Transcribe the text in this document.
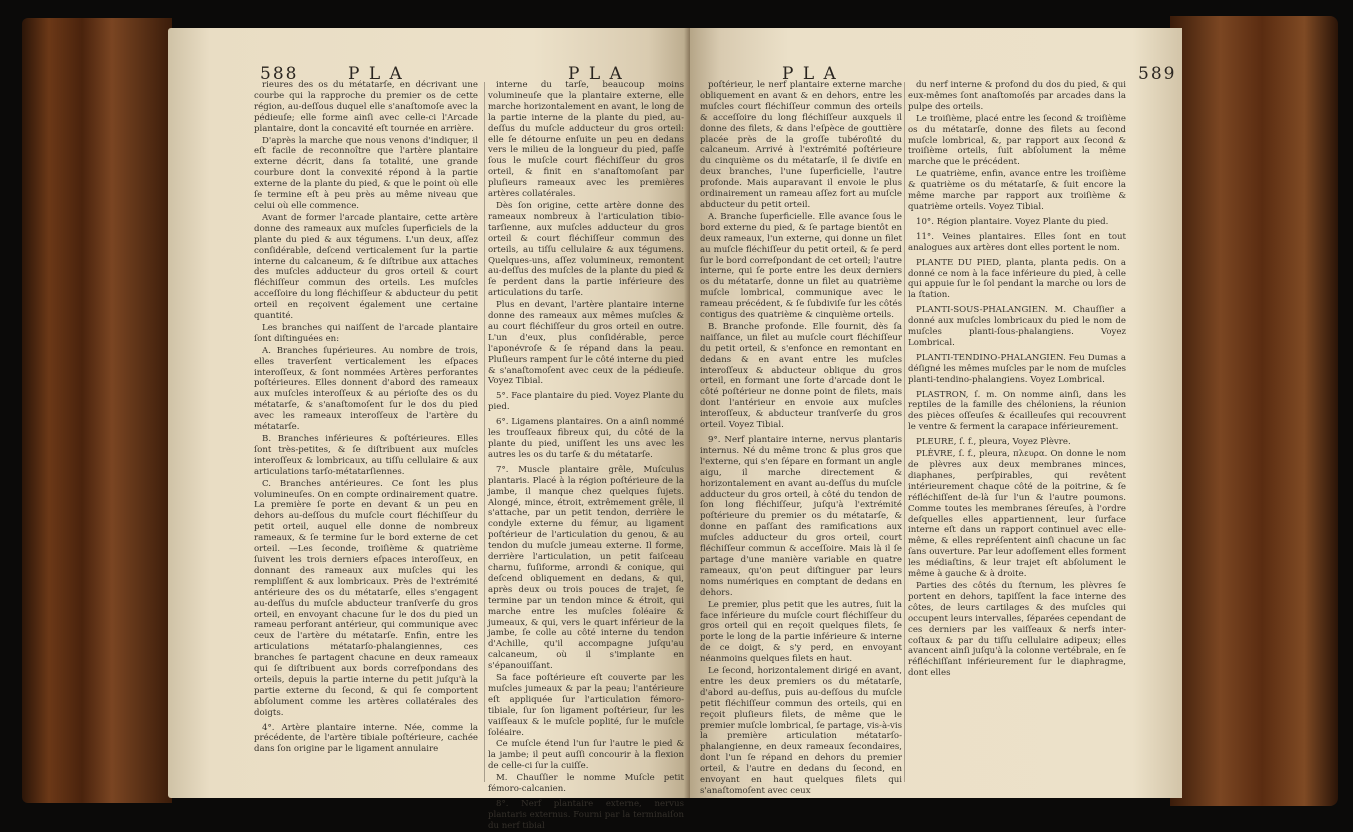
588	P L A	P L A

rieures des os du métatarſe, en décrivant une courbe qui la rapproche du premier os de cette région, au-deſſous duquel elle s'anaſtomoſe avec la pédieuſe; elle forme ainſi avec celle-ci l'Arcade plantaire, dont la concavité eſt tournée en arrière.

D'après la marche que nous venons d'indiquer, il eſt facile de reconnoître que l'artère plantaire externe décrit, dans ſa totalité, une grande courbure dont la convexité répond à la partie externe de la plante du pied, & que le point où elle ſe termine eſt à peu près au même niveau que celui où elle commence.

Avant de former l'arcade plantaire, cette artère donne des rameaux aux muſcles ſuperficiels de la plante du pied & aux tégumens. L'un deux, aſſez conſidérable, deſcend verticalement ſur la partie interne du calcaneum, & ſe diſtribue aux attaches des muſcles adducteur du gros orteil & court fléchiſſeur commun des orteils. Les muſcles acceſſoire du long fléchiſſeur & abducteur du petit orteil en reçoivent également une certaine quantité.

Les branches qui naiſſent de l'arcade plantaire ſont diſtinguées en:

A. Branches ſupérieures. Au nombre de trois, elles traverſent verticalement les eſpaces interoſſeux, & ſont nommées Artères perforantes poſtérieures. Elles donnent d'abord des rameaux aux muſcles interoſſeux & au périoſte des os du métatarſe, & s'anaſtomoſent ſur le dos du pied avec les rameaux interoſſeux de l'artère du métatarſe.

B. Branches inférieures & poſtérieures. Elles ſont très-petites, & ſe diſtribuent aux muſcles interoſſeux & lombricaux, au tiſſu cellulaire & aux articulations tarſo-métatarſiennes.

C. Branches antérieures. Ce ſont les plus volumineuſes. On en compte ordinairement quatre. La première ſe porte en devant & un peu en dehors au-deſſous du muſcle court fléchiſſeur du petit orteil, auquel elle donne de nombreux rameaux, & ſe termine ſur le bord externe de cet orteil. —Les ſeconde, troiſième & quatrième ſuivent les trois derniers eſpaces interoſſeux, en donnant des rameaux aux muſcles qui les rempliſſent & aux lombricaux. Près de l'extrémité antérieure des os du métatarſe, elles s'engagent au-deſſus du muſcle abducteur tranſverſe du gros orteil, en envoyant chacune ſur le dos du pied un rameau perforant antérieur, qui communique avec ceux de l'artère du métatarſe. Enfin, entre les articulations métatarſo-phalangiennes, ces branches ſe partagent chacune en deux rameaux qui ſe diſtribuent aux bords correſpondans des orteils, depuis la partie interne du petit juſqu'à la partie externe du ſecond, & qui ſe comportent abſolument comme les artères collatérales des doigts.

4°. Artère plantaire interne. Née, comme la précédente, de l'artère tibiale poſtérieure, cachée dans ſon origine par le ligament annulaire

interne du tarſe, beaucoup moins volumineuſe que la plantaire externe, elle marche horizontalement en avant, le long de la partie interne de la plante du pied, au-deſſus du muſcle adducteur du gros orteil: elle ſe détourne enſuite un peu en dedans vers le milieu de la longueur du pied, paſſe ſous le muſcle court fléchiſſeur du gros orteil, & finit en s'anaſtomoſant par pluſieurs rameaux avec les premières artères collatérales.

Dès ſon origine, cette artère donne des rameaux nombreux à l'articulation tibio-tarſienne, aux muſcles adducteur du gros orteil & court fléchiſſeur commun des orteils, au tiſſu cellulaire & aux tégumens. Quelques-uns, aſſez volumineux, remontent au-deſſus des muſcles de la plante du pied & ſe perdent dans la partie inférieure des articulations du tarſe.

Plus en devant, l'artère plantaire interne donne des rameaux aux mêmes muſcles & au court fléchiſſeur du gros orteil en outre. L'un d'eux, plus conſidérable, perce l'aponévroſe & ſe répand dans la peau. Pluſieurs rampent ſur le côté interne du pied & s'anaſtomoſent avec ceux de la pédieuſe. Voyez Tibial.

5°. Face plantaire du pied. Voyez Plante du pied.

6°. Ligamens plantaires. On a ainſi nommé les trouſſeaux fibreux qui, du côté de la plante du pied, uniſſent les uns avec les autres les os du tarſe & du métatarſe.

7°. Muscle plantaire grêle, Muſculus plantaris. Placé à la région poſtérieure de la jambe, il manque chez quelques ſujets. Alongé, mince, étroit, extrêmement grêle, il s'attache, par un petit tendon, derrière le condyle externe du fémur, au ligament poſtérieur de l'articulation du genou, & au tendon du muſcle jumeau externe. Il forme, derrière l'articulation, un petit faiſceau charnu, fuſiforme, arrondi & conique, qui deſcend obliquement en dedans, & qui, après deux ou trois pouces de trajet, ſe termine par un tendon mince & étroit, qui marche entre les muſcles ſoléaire & jumeaux, & qui, vers le quart inférieur de la jambe, ſe colle au côté interne du tendon d'Achille, qu'il accompagne juſqu'au calcaneum, où il s'implante en s'épanouiſſant.

Sa face poſtérieure eſt couverte par les muſcles jumeaux & par la peau; l'antérieure eſt appliquée ſur l'articulation fémoro-tibiale, ſur ſon ligament poſtérieur, ſur les vaiſſeaux & le muſcle poplité, ſur le muſcle ſoléaire.

Ce muſcle étend l'un ſur l'autre le pied & la jambe; il peut auſſi concourir à la flexion de celle-ci ſur la cuiſſe.

M. Chauſſier le nomme Muſcle petit fémoro-calcanien.

8°. Nerf plantaire externe, nervus plantaris externus. Fourni par la terminaiſon du nerf tibial

P L A	589

poſtérieur, le nerf plantaire externe marche obliquement en avant & en dehors, entre les muſcles court fléchiſſeur commun des orteils & acceſſoire du long fléchiſſeur auxquels il donne des filets, & dans l'eſpèce de gouttière placée près de la groſſe tubéroſité du calcaneum. Arrivé à l'extrémité poſtérieure du cinquième os du métatarſe, il ſe diviſe en deux branches, l'une ſuperficielle, l'autre profonde. Mais auparavant il envoie le plus ordinairement un rameau aſſez fort au muſcle abducteur du petit orteil.

A. Branche ſuperficielle. Elle avance ſous le bord externe du pied, & ſe partage bientôt en deux rameaux, l'un externe, qui donne un filet au muſcle fléchiſſeur du petit orteil, & ſe perd ſur le bord correſpondant de cet orteil; l'autre interne, qui ſe porte entre les deux derniers os du métatarſe, donne un filet au quatrième muſcle lombrical, communique avec le rameau précédent, & ſe ſubdiviſe ſur les côtés contigus des quatrième & cinquième orteils.

B. Branche profonde. Elle fournit, dès ſa naiſſance, un filet au muſcle court fléchiſſeur du petit orteil, & s'enfonce en remontant en dedans & en avant entre les muſcles interoſſeux & abducteur oblique du gros orteil, en formant une ſorte d'arcade dont le côté poſtérieur ne donne point de filets, mais dont l'antérieur en envoie aux muſcles interoſſeux, & abducteur tranſverſe du gros orteil. Voyez Tibial.

9°. Nerf plantaire interne, nervus plantaris internus. Né du même tronc & plus gros que l'externe, qui s'en ſépare en formant un angle aigu, il marche directement & horizontalement en avant au-deſſus du muſcle adducteur du gros orteil, à côté du tendon de ſon long fléchiſſeur, juſqu'à l'extrémité poſtérieure du premier os du métatarſe, & donne en paſſant des ramifications aux muſcles adducteur du gros orteil, court fléchiſſeur commun & acceſſoire. Mais là il ſe partage d'une manière variable en quatre rameaux, qu'on peut diſtinguer par leurs noms numériques en comptant de dedans en dehors.

Le premier, plus petit que les autres, ſuit la face inférieure du muſcle court fléchiſſeur du gros orteil qui en reçoit quelques filets, ſe porte le long de la partie inférieure & interne de ce doigt, & s'y perd, en envoyant néanmoins quelques filets en haut.

Le ſecond, horizontalement dirigé en avant, entre les deux premiers os du métatarſe, d'abord au-deſſus, puis au-deſſous du muſcle petit fléchiſſeur commun des orteils, qui en reçoit pluſieurs filets, de même que le premier muſcle lombrical, ſe partage, vis-à-vis la première articulation métatarſo-phalangienne, en deux rameaux ſecondaires, dont l'un ſe répand en dehors du premier orteil, & l'autre en dedans du ſecond, en envoyant en haut quelques filets qui s'anaſtomoſent avec ceux

du nerf interne & profond du dos du pied, & qui eux-mêmes ſont anaſtomoſés par arcades dans la pulpe des orteils.

Le troiſième, placé entre les ſecond & troiſième os du métatarſe, donne des filets au ſecond muſcle lombrical, &, par rapport aux ſecond & troiſième orteils, ſuit abſolument la même marche que le précédent.

Le quatrième, enfin, avance entre les troiſième & quatrième os du métatarſe, & ſuit encore la même marche par rapport aux troiſième & quatrième orteils. Voyez Tibial.

10°. Région plantaire. Voyez Plante du pied.

11°. Veines plantaires. Elles ſont en tout analogues aux artères dont elles portent le nom.

PLANTE DU PIED, planta, planta pedis. On a donné ce nom à la face inférieure du pied, à celle qui appuie ſur le ſol pendant la marche ou lors de la ſtation.

PLANTI-SOUS-PHALANGIEN. M. Chauſſier a donné aux muſcles lombricaux du pied le nom de muſcles planti-ſous-phalangiens. Voyez Lombrical.

PLANTI-TENDINO-PHALANGIEN. Feu Dumas a déſigné les mêmes muſcles par le nom de muſcles planti-tendino-phalangiens. Voyez Lombrical.

PLASTRON, ſ. m. On nomme ainſi, dans les reptiles de la famille des chéloniens, la réunion des pièces oſſeuſes & écailleuſes qui recouvrent le ventre & ferment la carapace inférieurement.

PLEURE, ſ. f., pleura, Voyez Plèvre.

PLÈVRE, ſ. f., pleura, πλευρα. On donne le nom de plèvres aux deux membranes minces, diaphanes, perſpirables, qui revêtent intérieurement chaque côté de la poitrine, & ſe réfléchiſſent de-là ſur l'un & l'autre poumons. Comme toutes les membranes ſéreuſes, à l'ordre deſquelles elles appartiennent, leur ſurface interne eſt dans un rapport continuel avec elle-même, & elles repréſentent ainſi chacune un ſac ſans ouverture. Par leur adoſſement elles forment les médiaſtins, & leur trajet eſt abſolument le même à gauche & à droite.

Parties des côtés du ſternum, les plèvres ſe portent en dehors, tapiſſent la face interne des côtes, de leurs cartilages & des muſcles qui occupent leurs intervalles, ſéparées cependant de ces derniers par les vaiſſeaux & nerfs inter-coſtaux & par du tiſſu cellulaire adipeux; elles avancent ainſi juſqu'à la colonne vertébrale, en ſe réfléchiſſant inférieurement ſur le diaphragme, dont elles
